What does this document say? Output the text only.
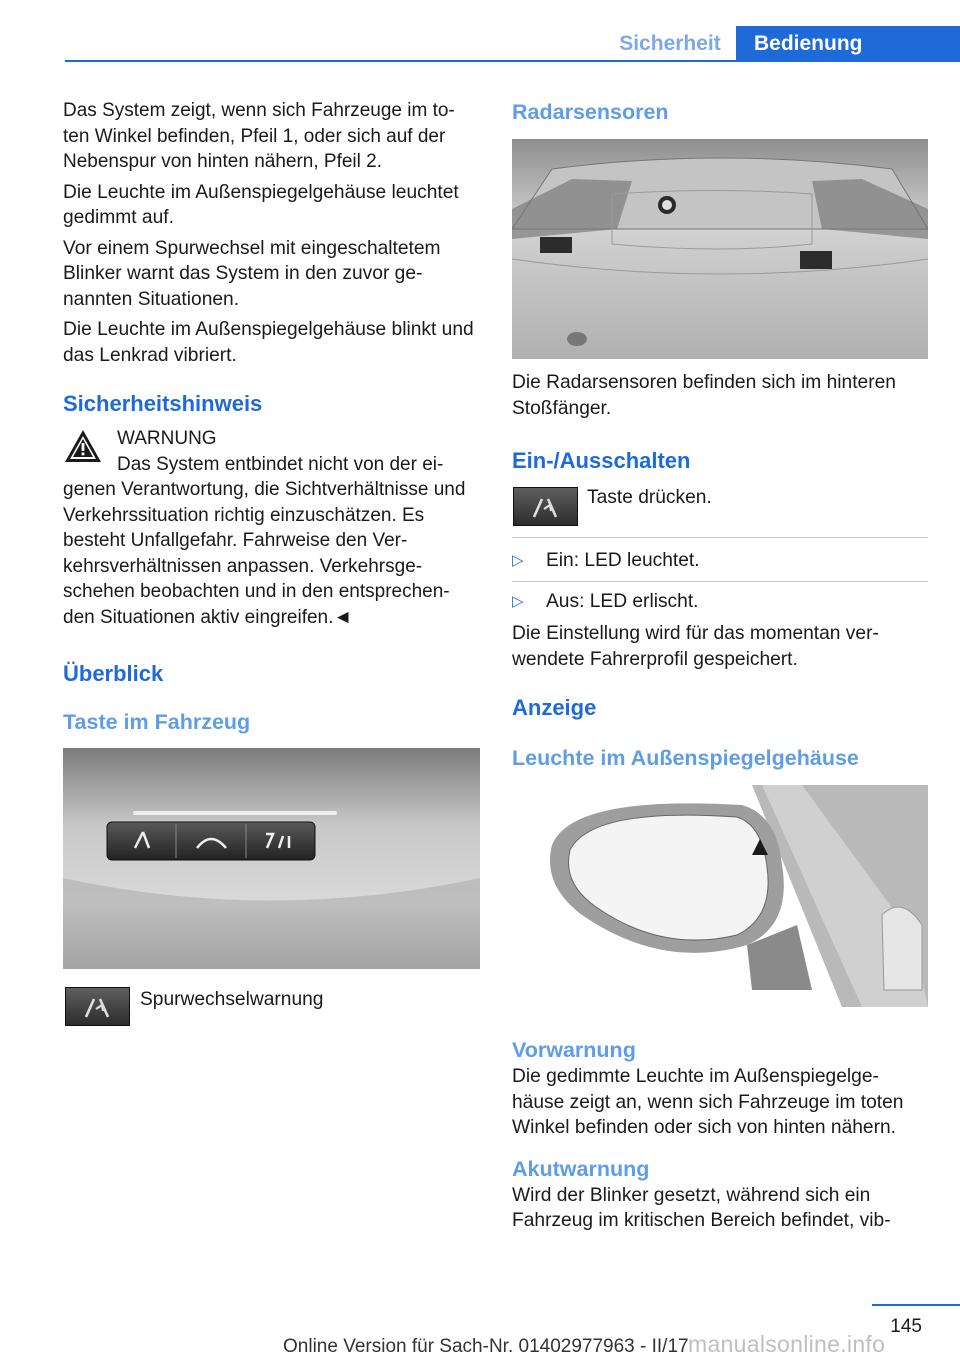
Sicherheit	Bedienung

Das System zeigt, wenn sich Fahrzeuge im to-ten Winkel befinden, Pfeil 1, oder sich auf der Nebenspur von hinten nähern, Pfeil 2.

Die Leuchte im Außenspiegelgehäuse leuchtet gedimmt auf.

Vor einem Spurwechsel mit eingeschaltetem Blinker warnt das System in den zuvor ge-nannten Situationen.

Die Leuchte im Außenspiegelgehäuse blinkt und das Lenkrad vibriert.

Sicherheitshinweis
WARNUNG
Das System entbindet nicht von der ei-

genen Verantwortung, die Sichtverhältnisse und Verkehrssituation richtig einzuschätzen. Es besteht Unfallgefahr. Fahrweise den Ver-kehrsverhältnissen anpassen. Verkehrsge-schehen beobachten und in den entsprechen-den Situationen aktiv eingreifen.◄

Überblick
Taste im Fahrzeug
Spurwechselwarnung
Radarsensoren

Die Radarsensoren befinden sich im hinteren Stoßfänger.

Ein-/Ausschalten
Taste drücken.
▷ Ein: LED leuchtet.
▷ Aus: LED erlischt.

Die Einstellung wird für das momentan ver-wendete Fahrerprofil gespeichert.

Anzeige
Leuchte im Außenspiegelgehäuse
Vorwarnung

Die gedimmte Leuchte im Außenspiegelge-häuse zeigt an, wenn sich Fahrzeuge im toten Winkel befinden oder sich von hinten nähern.

Akutwarnung

Wird der Blinker gesetzt, während sich ein Fahrzeug im kritischen Bereich befindet, vib-

145
Online Version für Sach-Nr. 01402977963 - II/17 manualsonline.info
